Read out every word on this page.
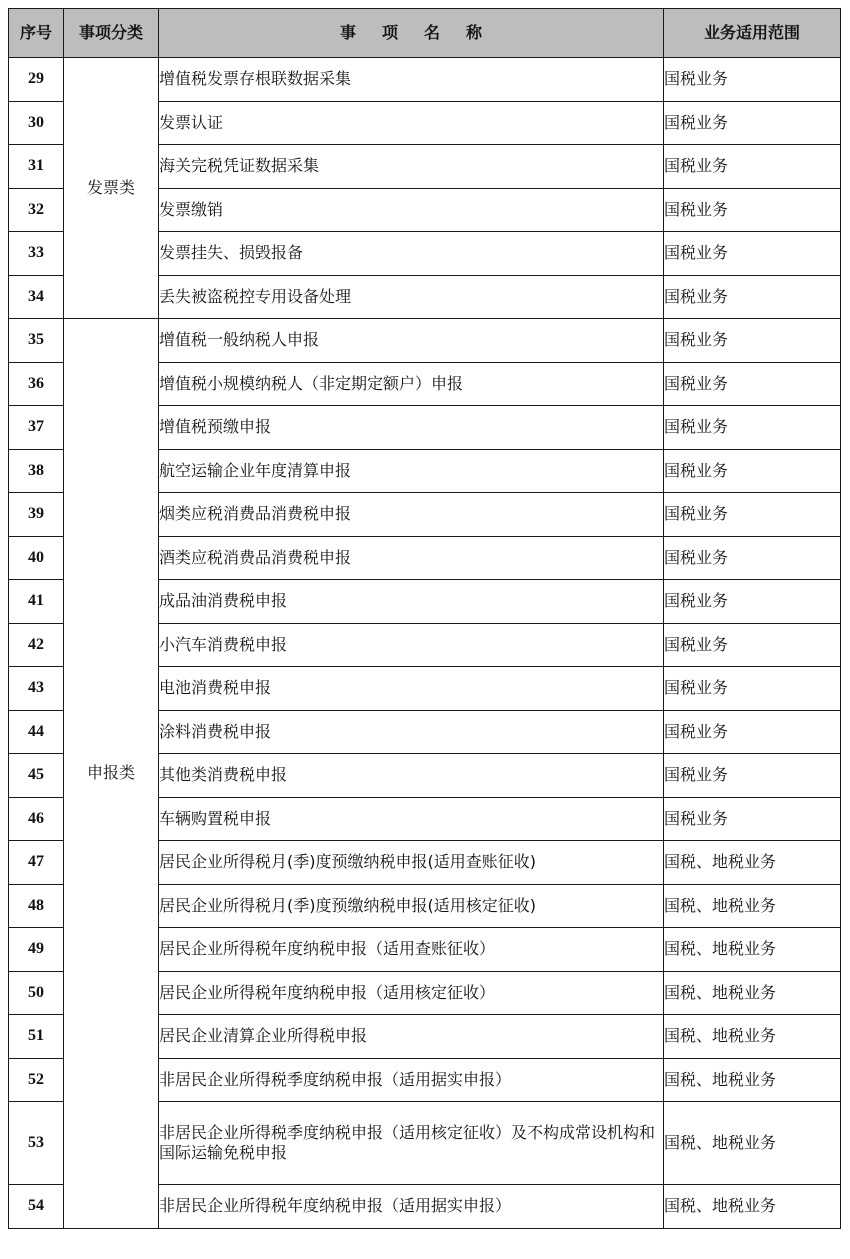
序号	事项分类	事项名称	业务适用范围
29	发票类	增值税发票存根联数据采集	国税业务
30		发票认证	国税业务
31		海关完税凭证数据采集	国税业务
32		发票缴销	国税业务
33		发票挂失、损毁报备	国税业务
34		丢失被盗税控专用设备处理	国税业务
35	申报类	增值税一般纳税人申报	国税业务
36		增值税小规模纳税人（非定期定额户）申报	国税业务
37		增值税预缴申报	国税业务
38		航空运输企业年度清算申报	国税业务
39		烟类应税消费品消费税申报	国税业务
40		酒类应税消费品消费税申报	国税业务
41		成品油消费税申报	国税业务
42		小汽车消费税申报	国税业务
43		电池消费税申报	国税业务
44		涂料消费税申报	国税业务
45		其他类消费税申报	国税业务
46		车辆购置税申报	国税业务
47		居民企业所得税月(季)度预缴纳税申报(适用查账征收)	国税、地税业务
48		居民企业所得税月(季)度预缴纳税申报(适用核定征收)	国税、地税业务
49		居民企业所得税年度纳税申报（适用查账征收）	国税、地税业务
50		居民企业所得税年度纳税申报（适用核定征收）	国税、地税业务
51		居民企业清算企业所得税申报	国税、地税业务
52		非居民企业所得税季度纳税申报（适用据实申报）	国税、地税业务
53		非居民企业所得税季度纳税申报（适用核定征收）及不构成常设机构和国际运输免税申报	国税、地税业务
54		非居民企业所得税年度纳税申报（适用据实申报）	国税、地税业务
